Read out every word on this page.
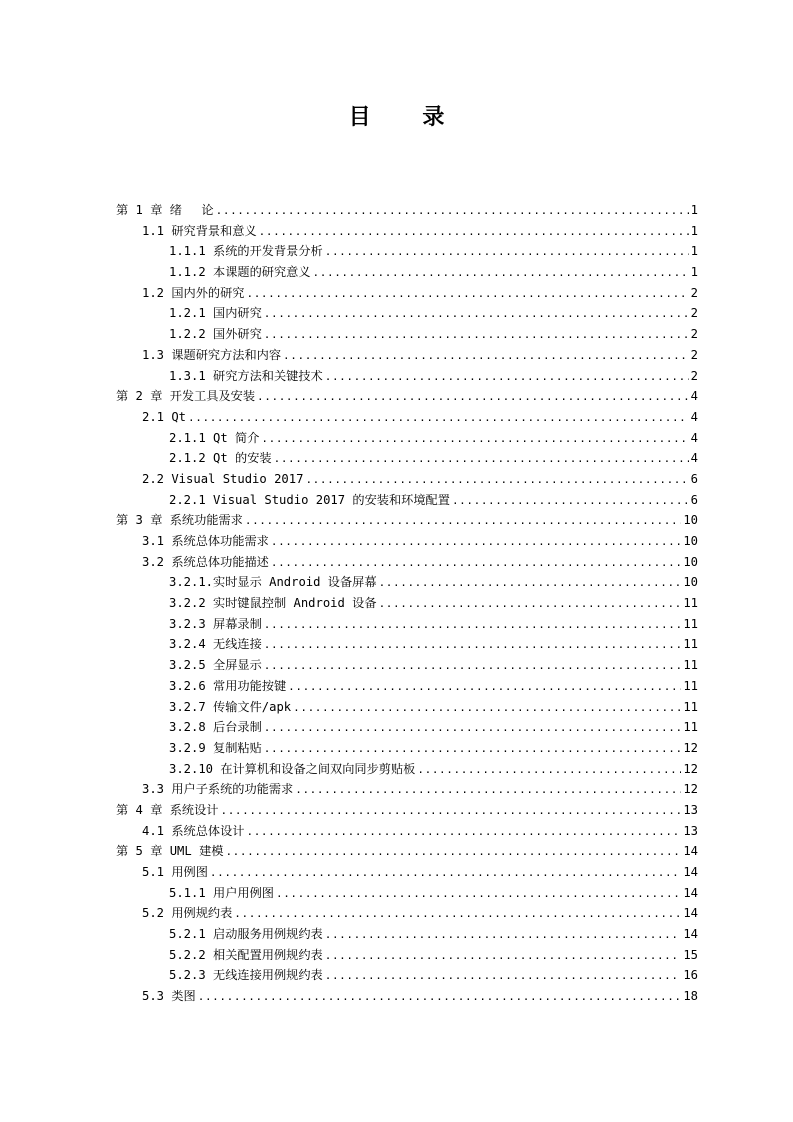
目 录
第 1 章 绪　 论 .....	1
1.1 研究背景和意义 .....	1
1.1.1 系统的开发背景分析 .....	1
1.1.2 本课题的研究意义 .....	1
1.2 国内外的研究 .....	2
1.2.1 国内研究 .....	2
1.2.2 国外研究 .....	2
1.3 课题研究方法和内容 .....	2
1.3.1 研究方法和关键技术 .....	2
第 2 章 开发工具及安装 .....	4
2.1 Qt .....	4
2.1.1 Qt 简介 .....	4
2.1.2 Qt 的安装 .....	4
2.2 Visual Studio 2017 .....	6
2.2.1 Visual Studio 2017 的安装和环境配置 .....	6
第 3 章 系统功能需求 .....	10
3.1 系统总体功能需求 .....	10
3.2 系统总体功能描述 .....	10
3.2.1.实时显示 Android 设备屏幕 .....	10
3.2.2 实时键鼠控制 Android 设备 .....	11
3.2.3 屏幕录制 .....	11
3.2.4 无线连接 .....	11
3.2.5 全屏显示 .....	11
3.2.6 常用功能按键 .....	11
3.2.7 传输文件/apk .....	11
3.2.8 后台录制 .....	11
3.2.9 复制粘贴 .....	12
3.2.10 在计算机和设备之间双向同步剪贴板 .....	12
3.3 用户子系统的功能需求 .....	12
第 4 章 系统设计 .....	13
4.1 系统总体设计 .....	13
第 5 章 UML 建模 .....	14
5.1 用例图 .....	14
5.1.1 用户用例图 .....	14
5.2 用例规约表 .....	14
5.2.1 启动服务用例规约表 .....	14
5.2.2 相关配置用例规约表 .....	15
5.2.3 无线连接用例规约表 .....	16
5.3 类图 .....	18
